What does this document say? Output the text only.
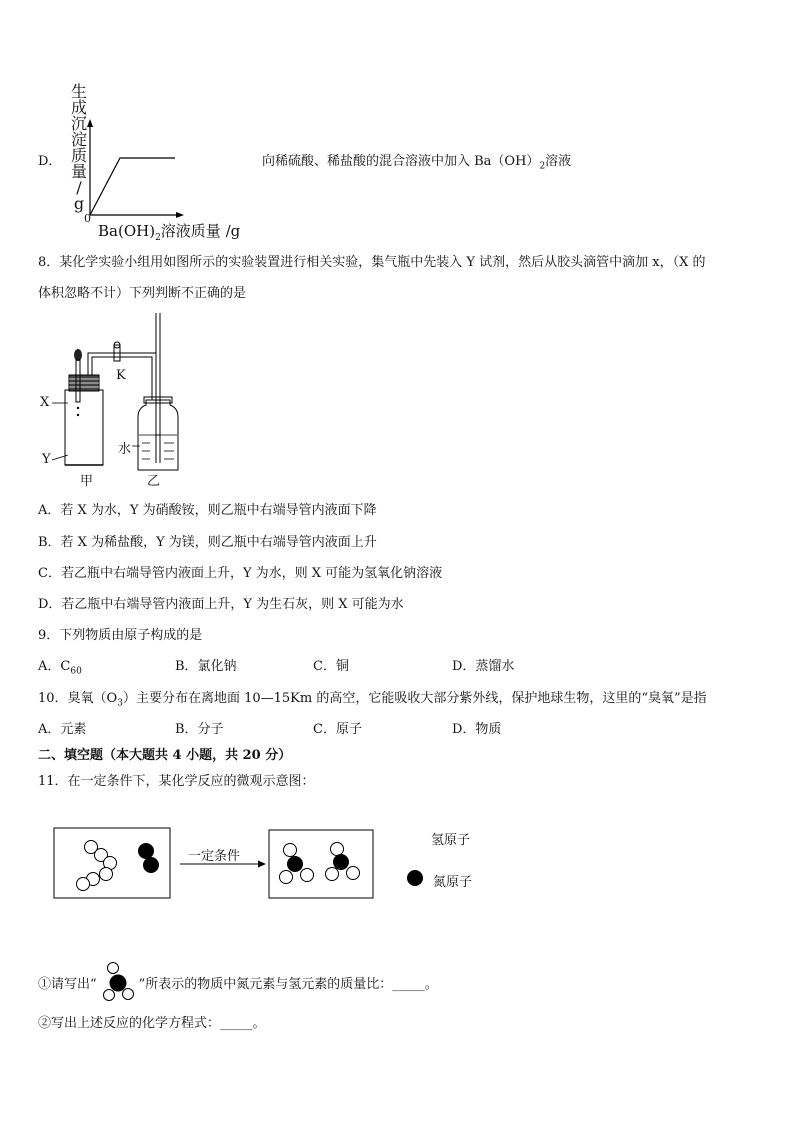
D．
生
成
沉
淀
质
量
/
g
0
$Ba(OH)_2$溶液质量 /g
向稀硫酸、稀盐酸的混合溶液中加入 $Ba(OH)_2$溶液
8．某化学实验小组用如图所示的实验装置进行相关实验，集气瓶中先装入 Y 试剂，然后从胶头滴管中滴加 x，（X 的
体积忽略不计）下列判断不正确的是
X
Y
K
水
甲	乙
A．若 X 为水，Y 为硝酸铵，则乙瓶中右端导管内液面下降
B．若 X 为稀盐酸，Y 为镁，则乙瓶中右端导管内液面上升
C．若乙瓶中右端导管内液面上升，Y 为水，则 X 可能为氢氧化钠溶液
D．若乙瓶中右端导管内液面上升，Y 为生石灰，则 X 可能为水
9．下列物质由原子构成的是
A．$C_{60}$	B．氯化钠	C．铜	D．蒸馏水
10．臭氧$(O_3)$主要分布在离地面 10—15Km 的高空，它能吸收大部分紫外线，保护地球生物，这里的“臭氧”是指
A．元素	B．分子	C．原子	D．物质
二、填空题（本大题共 4 小题，共 20 分）
11．在一定条件下，某化学反应的微观示意图：
一定条件
氢原子
氮原子
①请写出“	”所表示的物质中氮元素与氢元素的质量比：_____。
②写出上述反应的化学方程式：_____。
